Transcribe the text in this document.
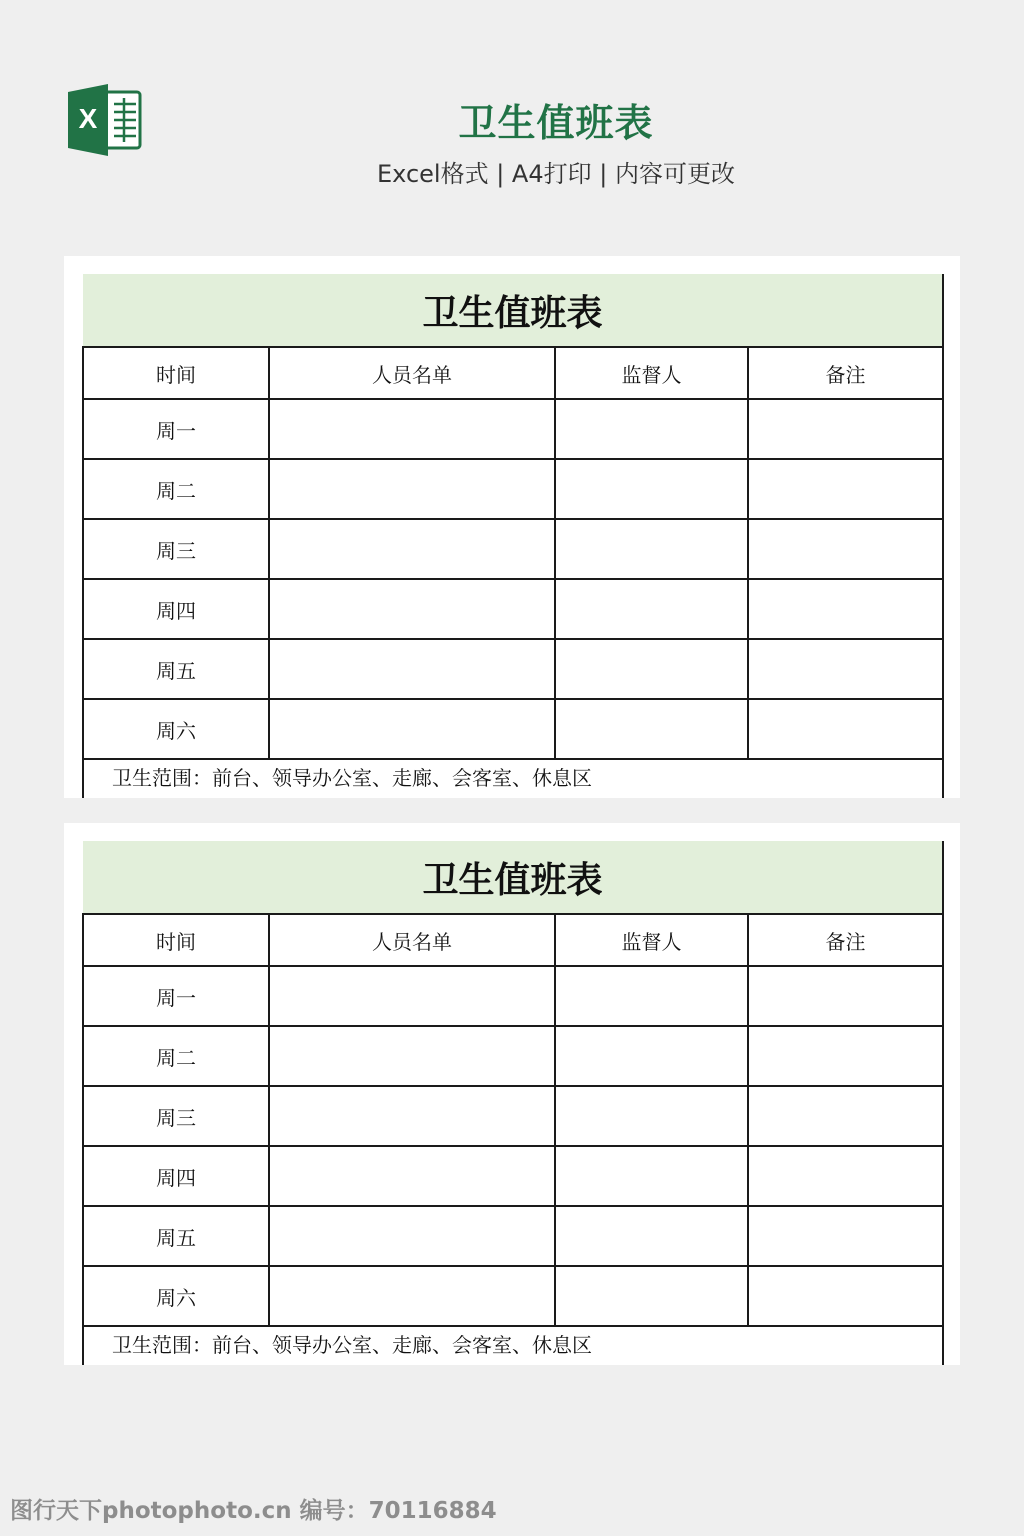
X	卫生值班表
Excel格式 | A4打印 | 内容可更改
卫生值班表			
时间	人员名单	监督人	备注
周一			
周二			
周三			
周四			
周五			
周六			
卫生范围：前台、领导办公室、走廊、会客室、休息区			
卫生值班表			
时间	人员名单	监督人	备注
周一			
周二			
周三			
周四			
周五			
周六			
卫生范围：前台、领导办公室、走廊、会客室、休息区			
图行天下photophoto.cn 编号：70116884
